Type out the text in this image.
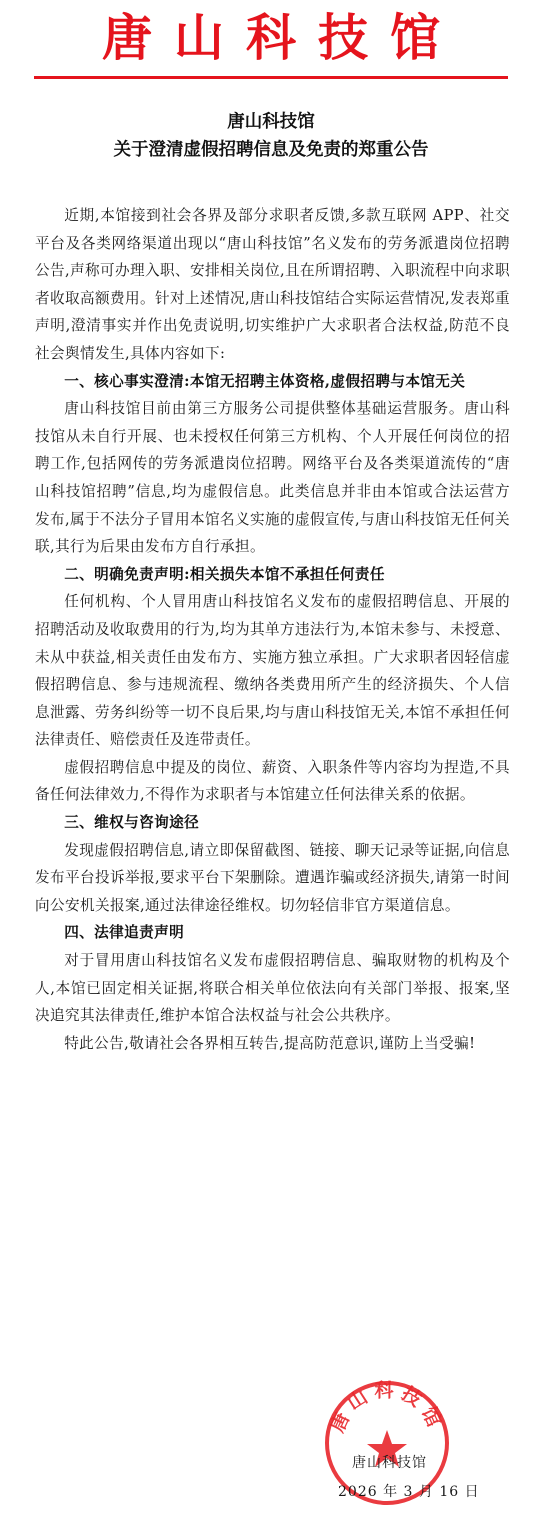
唐山科技馆
唐山科技馆
关于澄清虚假招聘信息及免责的郑重公告

近期,本馆接到社会各界及部分求职者反馈,多款互联网 APP、社交平台及各类网络渠道出现以“唐山科技馆”名义发布的劳务派遣岗位招聘公告,声称可办理入职、安排相关岗位,且在所谓招聘、入职流程中向求职者收取高额费用。针对上述情况,唐山科技馆结合实际运营情况,发表郑重声明,澄清事实并作出免责说明,切实维护广大求职者合法权益,防范不良社会舆情发生,具体内容如下:

一、核心事实澄清:本馆无招聘主体资格,虚假招聘与本馆无关

唐山科技馆目前由第三方服务公司提供整体基础运营服务。唐山科技馆从未自行开展、也未授权任何第三方机构、个人开展任何岗位的招聘工作,包括网传的劳务派遣岗位招聘。网络平台及各类渠道流传的“唐山科技馆招聘”信息,均为虚假信息。此类信息并非由本馆或合法运营方发布,属于不法分子冒用本馆名义实施的虚假宣传,与唐山科技馆无任何关联,其行为后果由发布方自行承担。

二、明确免责声明:相关损失本馆不承担任何责任

任何机构、个人冒用唐山科技馆名义发布的虚假招聘信息、开展的招聘活动及收取费用的行为,均为其单方违法行为,本馆未参与、未授意、未从中获益,相关责任由发布方、实施方独立承担。广大求职者因轻信虚假招聘信息、参与违规流程、缴纳各类费用所产生的经济损失、个人信息泄露、劳务纠纷等一切不良后果,均与唐山科技馆无关,本馆不承担任何法律责任、赔偿责任及连带责任。

虚假招聘信息中提及的岗位、薪资、入职条件等内容均为捏造,不具备任何法律效力,不得作为求职者与本馆建立任何法律关系的依据。

三、维权与咨询途径

发现虚假招聘信息,请立即保留截图、链接、聊天记录等证据,向信息发布平台投诉举报,要求平台下架删除。遭遇诈骗或经济损失,请第一时间向公安机关报案,通过法律途径维权。切勿轻信非官方渠道信息。

四、法律追责声明

对于冒用唐山科技馆名义发布虚假招聘信息、骗取财物的机构及个人,本馆已固定相关证据,将联合相关单位依法向有关部门举报、报案,坚决追究其法律责任,维护本馆合法权益与社会公共秩序。

特此公告,敬请社会各界相互转告,提高防范意识,谨防上当受骗!

唐山科技馆
唐山科技馆
2026 年 3 月 16 日
